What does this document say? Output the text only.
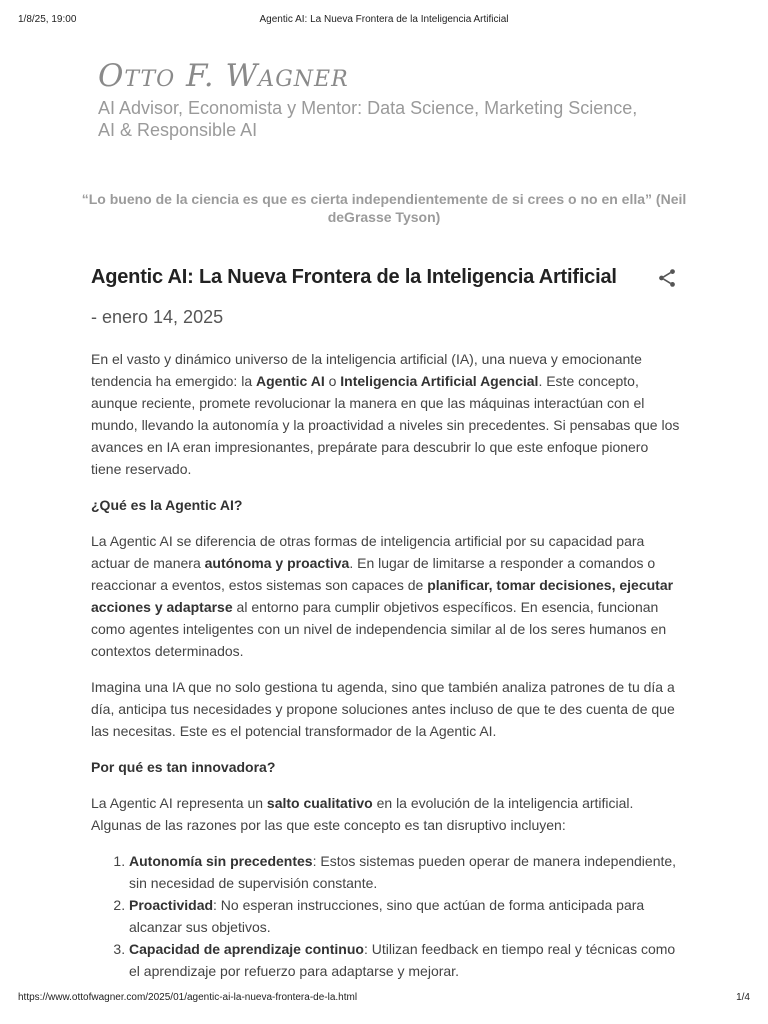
1/8/25, 19:00	Agentic AI: La Nueva Frontera de la Inteligencia Artificial
Otto F. Wagner

AI Advisor, Economista y Mentor: Data Science, Marketing Science, AI & Responsible AI

“Lo bueno de la ciencia es que es cierta independientemente de si crees o no en ella” (Neil deGrasse Tyson)

Agentic AI: La Nueva Frontera de la Inteligencia Artificial

- enero 14, 2025

En el vasto y dinámico universo de la inteligencia artificial (IA), una nueva y emocionante tendencia ha emergido: la Agentic AI o Inteligencia Artificial Agencial. Este concepto, aunque reciente, promete revolucionar la manera en que las máquinas interactúan con el mundo, llevando la autonomía y la proactividad a niveles sin precedentes. Si pensabas que los avances en IA eran impresionantes, prepárate para descubrir lo que este enfoque pionero tiene reservado.

¿Qué es la Agentic AI?

La Agentic AI se diferencia de otras formas de inteligencia artificial por su capacidad para actuar de manera autónoma y proactiva. En lugar de limitarse a responder a comandos o reaccionar a eventos, estos sistemas son capaces de planificar, tomar decisiones, ejecutar acciones y adaptarse al entorno para cumplir objetivos específicos. En esencia, funcionan como agentes inteligentes con un nivel de independencia similar al de los seres humanos en contextos determinados.

Imagina una IA que no solo gestiona tu agenda, sino que también analiza patrones de tu día a día, anticipa tus necesidades y propone soluciones antes incluso de que te des cuenta de que las necesitas. Este es el potencial transformador de la Agentic AI.

Por qué es tan innovadora?

La Agentic AI representa un salto cualitativo en la evolución de la inteligencia artificial. Algunas de las razones por las que este concepto es tan disruptivo incluyen:

1. Autonomía sin precedentes: Estos sistemas pueden operar de manera independiente, sin necesidad de supervisión constante.
2. Proactividad: No esperan instrucciones, sino que actúan de forma anticipada para alcanzar sus objetivos.
3. Capacidad de aprendizaje continuo: Utilizan feedback en tiempo real y técnicas como el aprendizaje por refuerzo para adaptarse y mejorar.
https://www.ottofwagner.com/2025/01/agentic-ai-la-nueva-frontera-de-la.html	1/4
